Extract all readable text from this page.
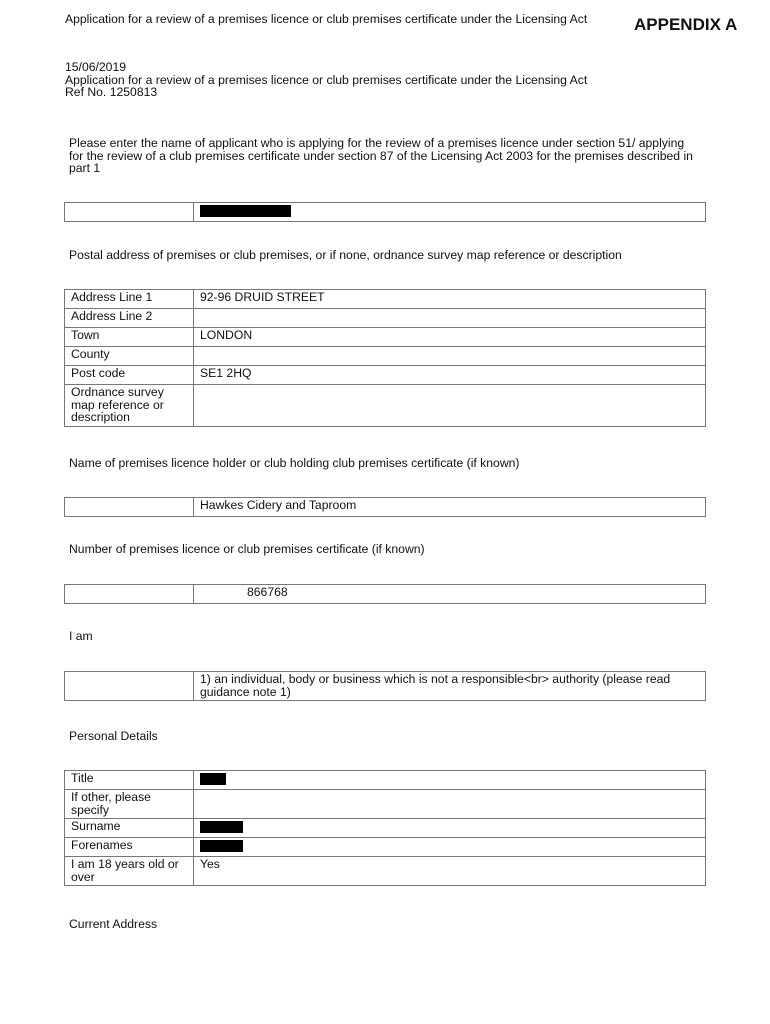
Application for a review of a premises licence or club premises certificate under the Licensing Act	APPENDIX A
15/06/2019
Application for a review of a premises licence or club premises certificate under the Licensing Act
Ref No. 1250813
Please enter the name of applicant who is applying for the review of a premises licence under section 51/ applying for the review of a club premises certificate under section 87 of the Licensing Act 2003 for the premises described in part 1

Postal address of premises or club premises, or if none, ordnance survey map reference or description
Address Line 1	92-96 DRUID STREET
Address Line 2	
Town	LONDON
County	
Post code	SE1 2HQ
Ordnance survey map reference or description	
Name of premises licence holder or club holding club premises certificate (if known)
	Hawkes Cidery and Taproom
Number of premises licence or club premises certificate (if known)
	866768
I am
	1) an individual, body or business which is not a responsible<br> authority (please read guidance note 1)
Personal Details
Title	
If other, please specify	
Surname	
Forenames	
I am 18 years old or over	Yes
Current Address
